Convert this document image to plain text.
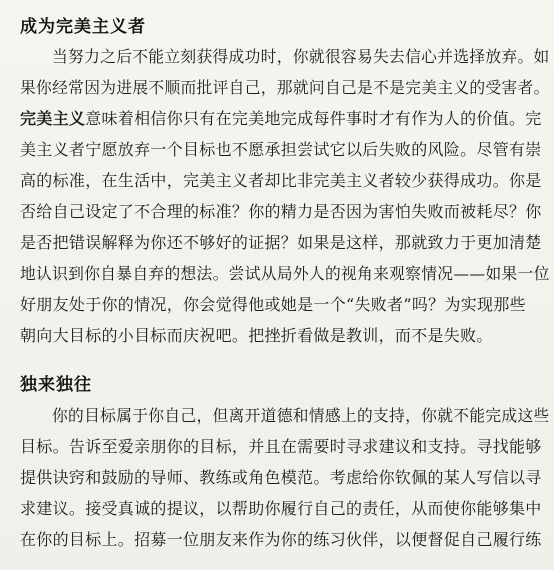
成为完美主义者
当努力之后不能立刻获得成功时，你就很容易失去信心并选择放弃。如
果你经常因为进展不顺而批评自己，那就问自己是不是完美主义的受害者。
完美主义意味着相信你只有在完美地完成每件事时才有作为人的价值。完
美主义者宁愿放弃一个目标也不愿承担尝试它以后失败的风险。尽管有崇
高的标准，在生活中，完美主义者却比非完美主义者较少获得成功。你是
否给自己设定了不合理的标准？你的精力是否因为害怕失败而被耗尽？你
是否把错误解释为你还不够好的证据？如果是这样，那就致力于更加清楚
地认识到你自暴自弃的想法。尝试从局外人的视角来观察情况——如果一位
好朋友处于你的情况，你会觉得他或她是一个“失败者”吗？为实现那些
朝向大目标的小目标而庆祝吧。把挫折看做是教训，而不是失败。
独来独往
你的目标属于你自己，但离开道德和情感上的支持，你就不能完成这些
目标。告诉至爱亲朋你的目标，并且在需要时寻求建议和支持。寻找能够
提供诀窍和鼓励的导师、教练或角色模范。考虑给你钦佩的某人写信以寻
求建议。接受真诚的提议，以帮助你履行自己的责任，从而使你能够集中
在你的目标上。招募一位朋友来作为你的练习伙伴，以便督促自己履行练
